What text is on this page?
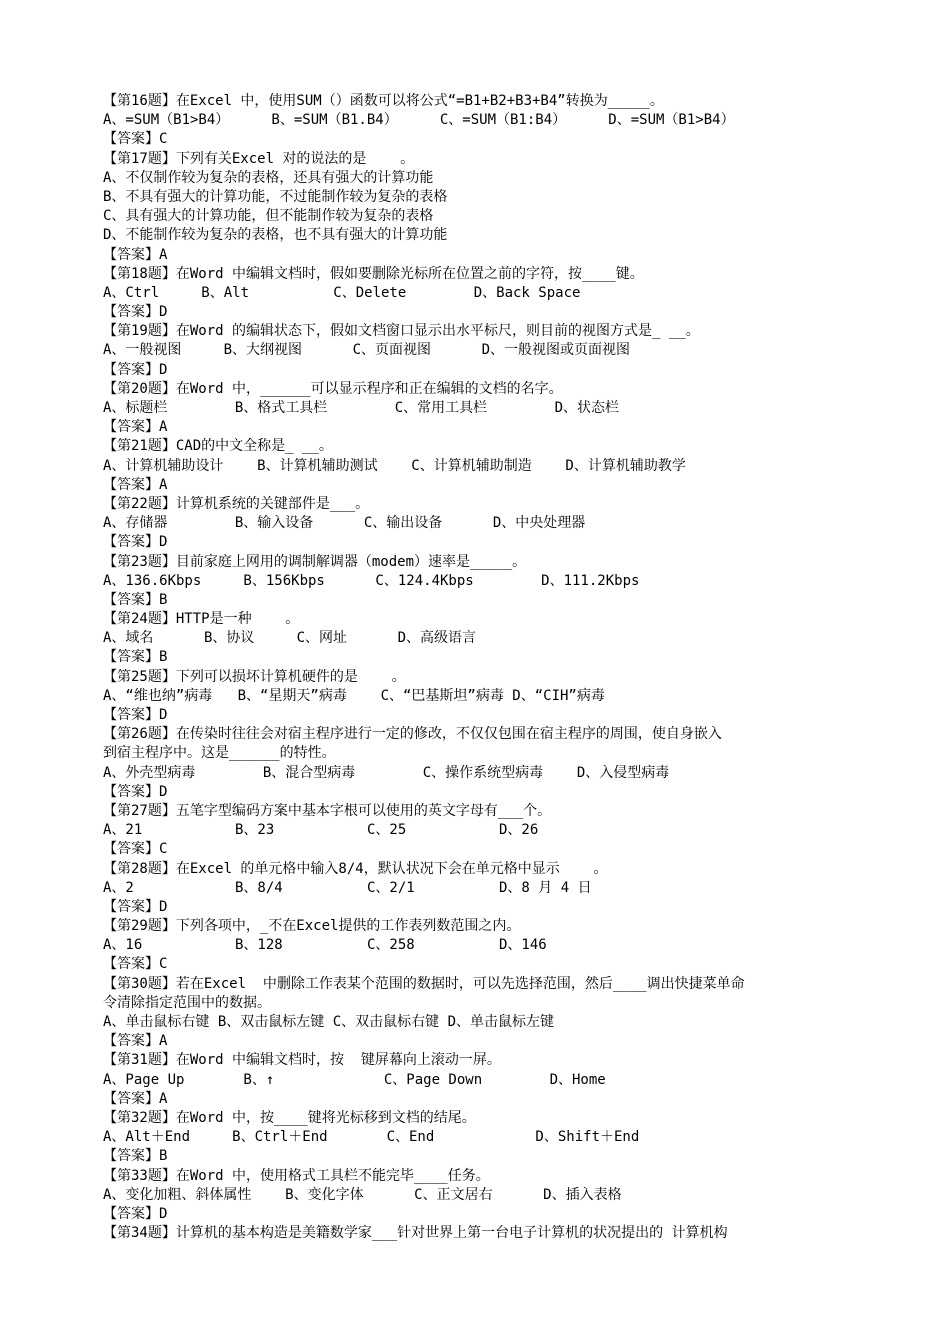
【第16题】在Excel 中，使用SUM（）函数可以将公式“=B1+B2+B3+B4”转换为_____。
A、=SUM（B1>B4）     B、=SUM（B1.B4）     C、=SUM（B1:B4）     D、=SUM（B1>B4）
【答案】C
【第17题】下列有关Excel 对的说法的是    。
A、不仅制作较为复杂的表格，还具有强大的计算功能
B、不具有强大的计算功能，不过能制作较为复杂的表格
C、具有强大的计算功能，但不能制作较为复杂的表格
D、不能制作较为复杂的表格，也不具有强大的计算功能
【答案】A
【第18题】在Word 中编辑文档时，假如要删除光标所在位置之前的字符，按____键。
A、Ctrl     B、Alt          C、Delete        D、Back Space
【答案】D
【第19题】在Word 的编辑状态下，假如文档窗口显示出水平标尺，则目前的视图方式是_ __。
A、一般视图     B、大纲视图      C、页面视图      D、一般视图或页面视图
【答案】D
【第20题】在Word 中，______可以显示程序和正在编辑的文档的名字。
A、标题栏        B、格式工具栏        C、常用工具栏        D、状态栏
【答案】A
【第21题】CAD的中文全称是_ __。
A、计算机辅助设计    B、计算机辅助测试    C、计算机辅助制造    D、计算机辅助教学
【答案】A
【第22题】计算机系统的关键部件是___。
A、存储器        B、输入设备      C、输出设备      D、中央处理器
【答案】D
【第23题】目前家庭上网用的调制解调器（modem）速率是_____。
A、136.6Kbps     B、156Kbps      C、124.4Kbps        D、111.2Kbps
【答案】B
【第24题】HTTP是一种    。
A、域名      B、协议     C、网址      D、高级语言
【答案】B
【第25题】下列可以损坏计算机硬件的是    。
A、“维也纳”病毒   B、“星期天”病毒    C、“巴基斯坦”病毒 D、“CIH”病毒
【答案】D
【第26题】在传染时往往会对宿主程序进行一定的修改，不仅仅包围在宿主程序的周围，使自身嵌入
到宿主程序中。这是______的特性。
A、外壳型病毒        B、混合型病毒        C、操作系统型病毒    D、入侵型病毒
【答案】D
【第27题】五笔字型编码方案中基本字根可以使用的英文字母有___个。
A、21           B、23           C、25           D、26
【答案】C
【第28题】在Excel 的单元格中输入8/4，默认状况下会在单元格中显示    。
A、2            B、8/4          C、2/1          D、8 月 4 日
【答案】D
【第29题】下列各项中，_不在Excel提供的工作表列数范围之内。
A、16           B、128          C、258          D、146
【答案】C
【第30题】若在Excel  中删除工作表某个范围的数据时，可以先选择范围，然后____调出快捷菜单命
令清除指定范围中的数据。
A、单击鼠标右键 B、双击鼠标左键 C、双击鼠标右键 D、单击鼠标左键
【答案】A
【第31题】在Word 中编辑文档时，按  键屏幕向上滚动一屏。
A、Page Up       B、↑             C、Page Down        D、Home
【答案】A
【第32题】在Word 中，按____键将光标移到文档的结尾。
A、Alt＋End     B、Ctrl＋End       C、End            D、Shift＋End
【答案】B
【第33题】在Word 中，使用格式工具栏不能完毕____任务。
A、变化加粗、斜体属性    B、变化字体      C、正文居右      D、插入表格
【答案】D
【第34题】计算机的基本构造是美籍数学家___针对世界上第一台电子计算机的状况提出的 计算机构
